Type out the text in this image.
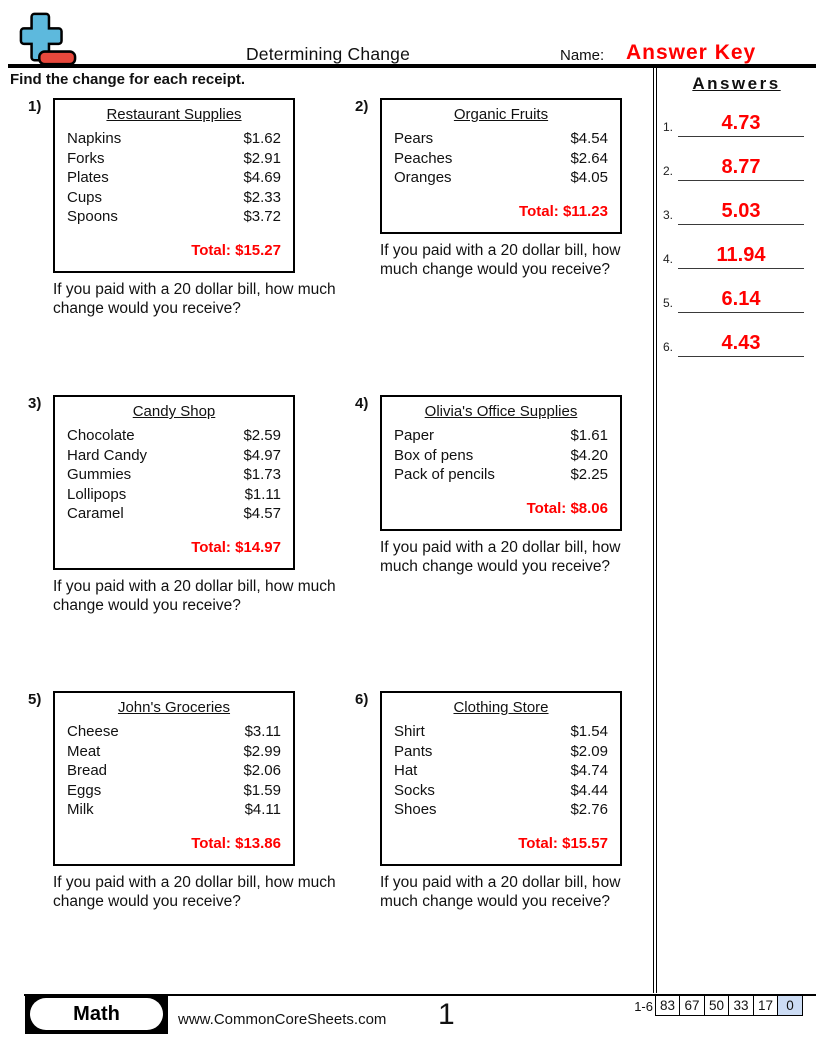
Determining Change	Name: Answer Key
Find the change for each receipt.	Answers
1.	4.73
2.	8.77
3.	5.03
4.	11.94
5.	6.14
6.	4.43
1)	Restaurant Supplies
Napkins	$1.62
Forks	$2.91
Plates	$4.69
Cups	$2.33
Spoons	$3.72
Total: $15.27
If you paid with a 20 dollar bill, how much change would you receive?
2)	Organic Fruits
Pears	$4.54
Peaches	$2.64
Oranges	$4.05
Total: $11.23
If you paid with a 20 dollar bill, how much change would you receive?
3)	Candy Shop
Chocolate	$2.59
Hard Candy	$4.97
Gummies	$1.73
Lollipops	$1.11
Caramel	$4.57
Total: $14.97
If you paid with a 20 dollar bill, how much change would you receive?
4)	Olivia's Office Supplies
Paper	$1.61
Box of pens	$4.20
Pack of pencils	$2.25
Total: $8.06
If you paid with a 20 dollar bill, how much change would you receive?
5)	John's Groceries
Cheese	$3.11
Meat	$2.99
Bread	$2.06
Eggs	$1.59
Milk	$4.11
Total: $13.86
If you paid with a 20 dollar bill, how much change would you receive?
6)	Clothing Store
Shirt	$1.54
Pants	$2.09
Hat	$4.74
Socks	$4.44
Shoes	$2.76
Total: $15.57
If you paid with a 20 dollar bill, how much change would you receive?
Math	www.CommonCoreSheets.com 1	1-6 83 67 50 33 17 0
